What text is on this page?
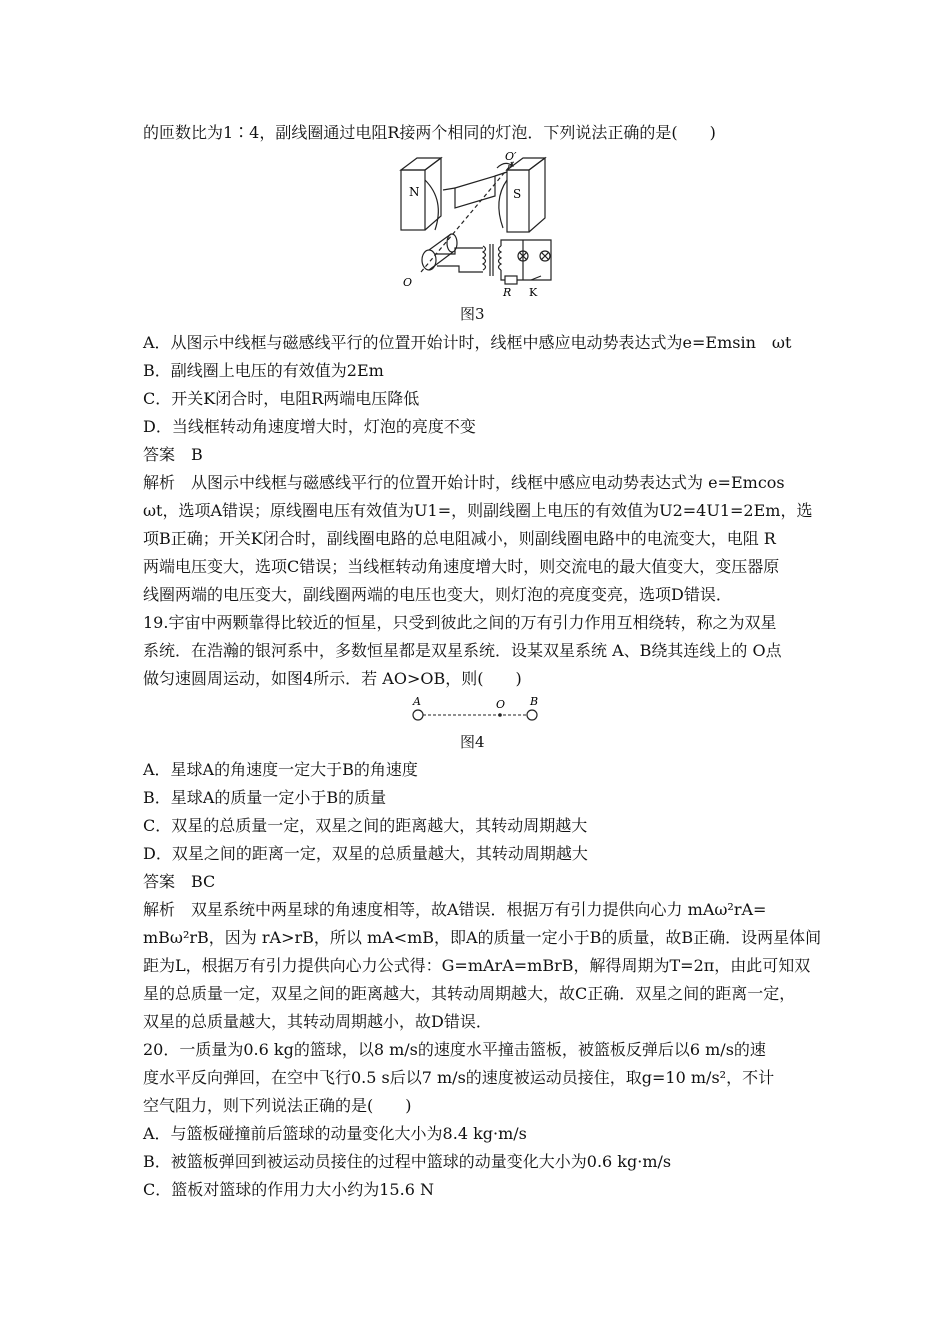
的匝数比为1∶4，副线圈通过电阻R接两个相同的灯泡．下列说法正确的是(　　)
N	S
O′
O
R K
图3
A．从图示中线框与磁感线平行的位置开始计时，线框中感应电动势表达式为e=Emsin　ωt
B．副线圈上电压的有效值为2Em
C．开关K闭合时，电阻R两端电压降低
D．当线框转动角速度增大时，灯泡的亮度不变
答案　B
解析　从图示中线框与磁感线平行的位置开始计时，线框中感应电动势表达式为 e=Emcos
ωt，选项A错误；原线圈电压有效值为U1=，则副线圈上电压的有效值为U2=4U1=2Em，选
项B正确；开关K闭合时，副线圈电路的总电阻减小，则副线圈电路中的电流变大，电阻 R
两端电压变大，选项C错误；当线框转动角速度增大时，则交流电的最大值变大，变压器原
线圈两端的电压变大，副线圈两端的电压也变大，则灯泡的亮度变亮，选项D错误．
19.宇宙中两颗靠得比较近的恒星，只受到彼此之间的万有引力作用互相绕转，称之为双星
系统．在浩瀚的银河系中，多数恒星都是双星系统．设某双星系统 A、B绕其连线上的 O点
做匀速圆周运动，如图4所示．若 AO>OB，则(　　)
A	O B
图4
A．星球A的角速度一定大于B的角速度
B．星球A的质量一定小于B的质量
C．双星的总质量一定，双星之间的距离越大，其转动周期越大
D．双星之间的距离一定，双星的总质量越大，其转动周期越大
答案　BC
解析　双星系统中两星球的角速度相等，故A错误．根据万有引力提供向心力 mAω²rA=
mBω²rB，因为 rA>rB，所以 mA<mB，即A的质量一定小于B的质量，故B正确．设两星体间
距为L，根据万有引力提供向心力公式得：G=mArA=mBrB，解得周期为T=2π，由此可知双
星的总质量一定，双星之间的距离越大，其转动周期越大，故C正确．双星之间的距离一定，
双星的总质量越大，其转动周期越小，故D错误．
20．一质量为0.6 kg的篮球，以8 m/s的速度水平撞击篮板，被篮板反弹后以6 m/s的速
度水平反向弹回，在空中飞行0.5 s后以7 m/s的速度被运动员接住，取g=10 m/s²，不计
空气阻力，则下列说法正确的是(　　)
A．与篮板碰撞前后篮球的动量变化大小为8.4 kg·m/s
B．被篮板弹回到被运动员接住的过程中篮球的动量变化大小为0.6 kg·m/s
C．篮板对篮球的作用力大小约为15.6 N
